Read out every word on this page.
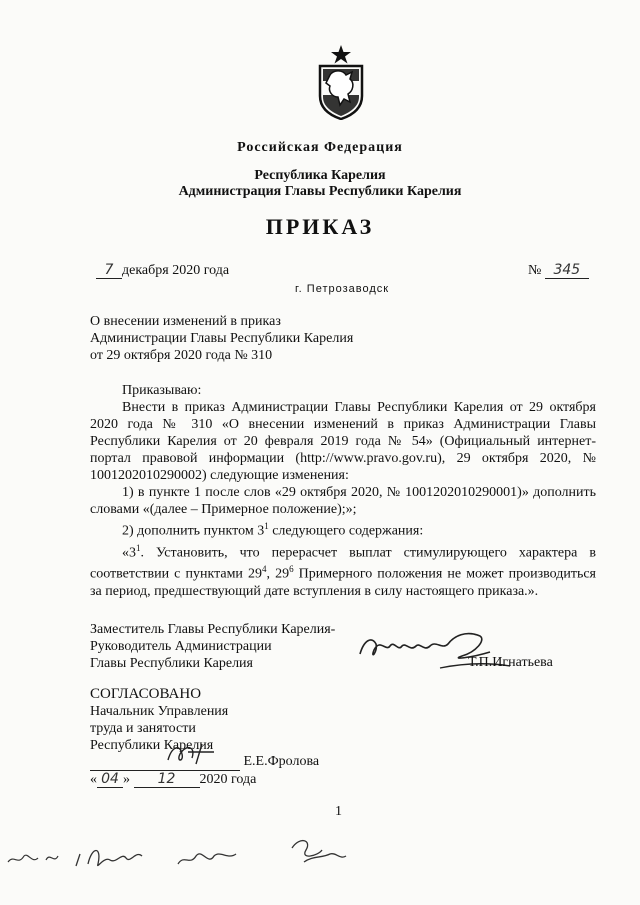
Российская Федерация
Республика Карелия
Администрация Главы Республики Карелия
ПРИКАЗ
7 декабря 2020 года	№ 345
г. Петрозаводск
О внесении изменений в приказ
Администрации Главы Республики Карелия
от 29 октября 2020 года № 310

Приказываю:

Внести в приказ Администрации Главы Республики Карелия от 29 октября 2020 года № 310 «О внесении изменений в приказ Администрации Главы Республики Карелия от 20 февраля 2019 года № 54» (Официальный интернет-портал правовой информации (http://www.pravo.gov.ru), 29 октября 2020, № 1001202010290002) следующие изменения:

1) в пункте 1 после слов «29 октября 2020, № 1001202010290001)» дополнить словами «(далее – Примерное положение);»;

2) дополнить пунктом $3^1$ следующего содержания:

«$3^1$. Установить, что перерасчет выплат стимулирующего характера в соответствии с пунктами $29^4$, $29^6$ Примерного положения не может производиться за период, предшествующий дате вступления в силу настоящего приказа.».

Заместитель Главы Республики Карелия-
Руководитель Администрации
Главы Республики Карелия	Т.П.Игнатьева
СОГЛАСОВАНО
Начальник Управления
труда и занятости
Республики Карелия
Е.Е.Фролова
« 04 » 12 2020 года
1
